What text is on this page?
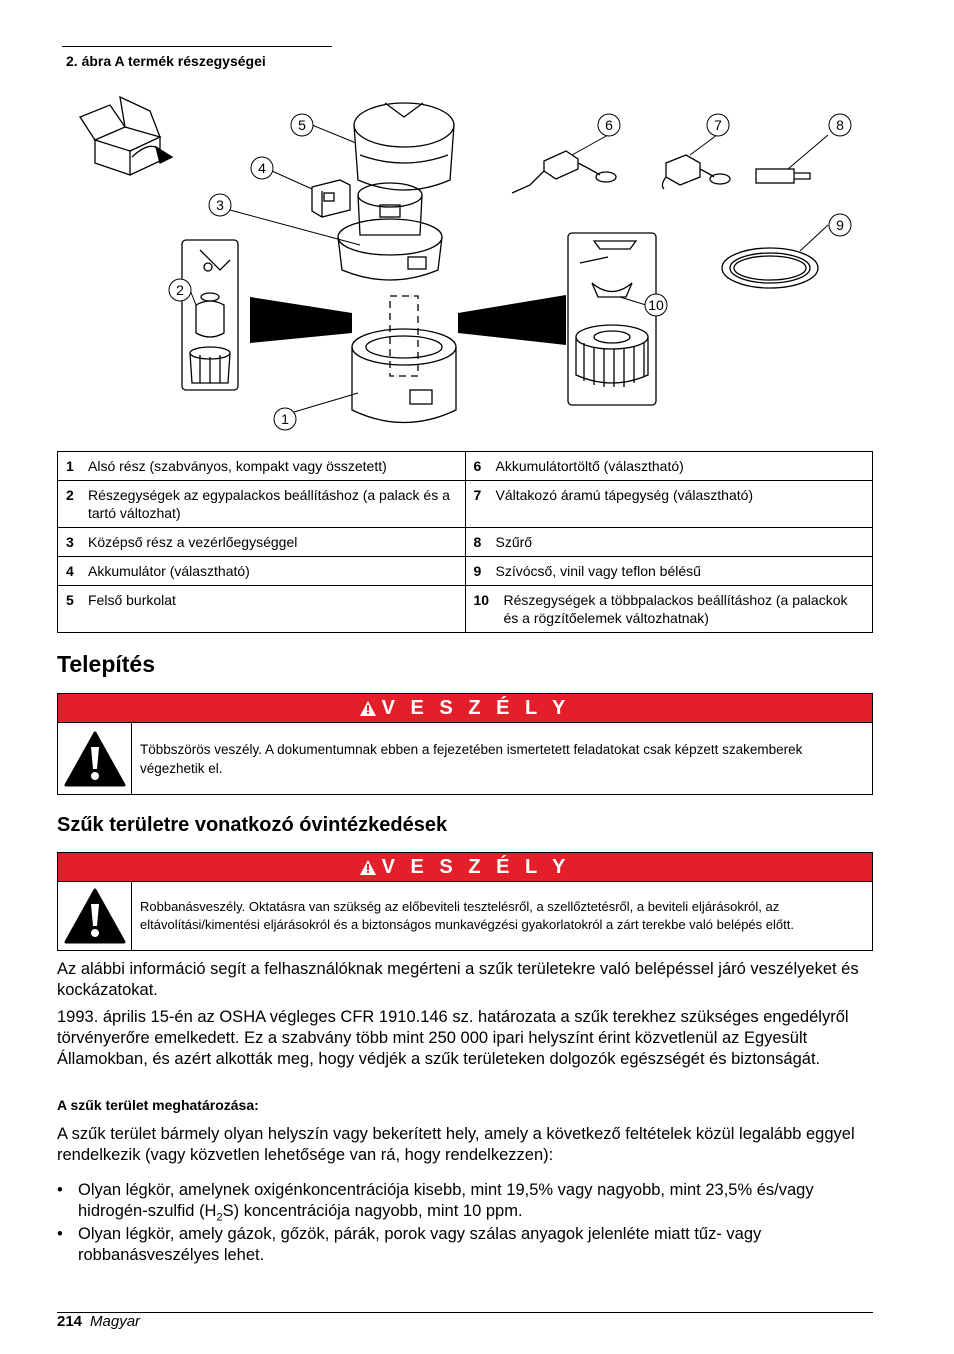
2. ábra A termék részegységei
1
2
3
4
5	6	7	8
9
10
1 Alsó rész (szabványos, kompakt vagy összetett)	6 Akkumulátortöltő (választható)

2 Részegységek az egypalackos beállításhoz (a palack és a tartó változhat)	7 Váltakozó áramú tápegység (választható)

3 Középső rész a vezérlőegységgel	8 Szűrő

4 Akkumulátor (választható)	9 Szívócső, vinil vagy teflon bélésű

5 Felső burkolat	10 Részegységek a többpalackos beállításhoz (a palackok és a rögzítőelemek változhatnak)
Telepítés
V E S Z É L Y
Többszörös veszély. A dokumentumnak ebben a fejezetében ismertetett feladatokat csak képzett szakemberek végezhetik el.
Szűk területre vonatkozó óvintézkedések
V E S Z É L Y
Robbanásveszély. Oktatásra van szükség az előbeviteli tesztelésről, a szellőztetésről, a beviteli eljárásokról, az eltávolítási/kimentési eljárásokról és a biztonságos munkavégzési gyakorlatokról a zárt terekbe való belépés előtt.
Az alábbi információ segít a felhasználóknak megérteni a szűk területekre való belépéssel járó veszélyeket és kockázatokat.
1993. április 15-én az OSHA végleges CFR 1910.146 sz. határozata a szűk terekhez szükséges engedélyről törvényerőre emelkedett. Ez a szabvány több mint 250 000 ipari helyszínt érint közvetlenül az Egyesült Államokban, és azért alkották meg, hogy védjék a szűk területeken dolgozók egészségét és biztonságát.
A szűk terület meghatározása:
A szűk terület bármely olyan helyszín vagy bekerített hely, amely a következő feltételek közül legalább eggyel rendelkezik (vagy közvetlen lehetősége van rá, hogy rendelkezzen):
• Olyan légkör, amelynek oxigénkoncentrációja kisebb, mint 19,5% vagy nagyobb, mint 23,5% és/vagy hidrogén-szulfid $(H_2S)$ koncentrációja nagyobb, mint 10 ppm.
• Olyan légkör, amely gázok, gőzök, párák, porok vagy szálas anyagok jelenléte miatt tűz- vagy robbanásveszélyes lehet.
214 Magyar
